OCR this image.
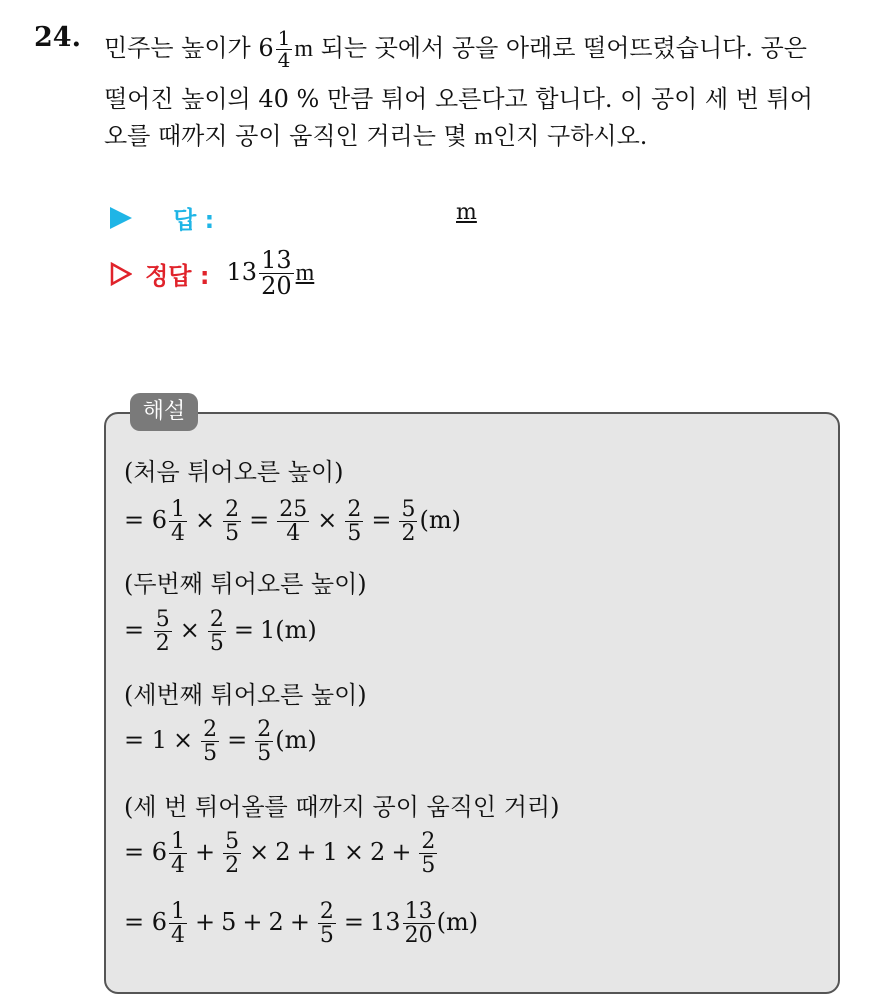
24. 민주는 높이가 $6 \frac{1}{4}$ m 되는 곳에서 공을 아래로 떨어뜨렸습니다. 공은
떨어진 높이의 40 % 만큼 튀어 오른다고 합니다. 이 공이 세 번 튀어
오를 때까지 공이 움직인 거리는 몇 m인지 구하시오.
답 :	m
정답 : $13 \frac{13}{20}$ m
해설
(처음 튀어오른 높이)
= $6 \frac{1}{4} \times \frac{2}{5} = \frac{25}{4} \times \frac{2}{5} = \frac{5}{2} (m)$
(두번째 튀어오른 높이)
= $\frac{5}{2} \times \frac{2}{5} = 1(m)$
(세번째 튀어오른 높이)
= $1 \times \frac{2}{5} = \frac{2}{5} (m)$
(세 번 튀어올를 때까지 공이 움직인 거리)
= $6 \frac{1}{4} + \frac{5}{2} \times 2 + 1 \times 2 + \frac{2}{5}$
= $6 \frac{1}{4} + 5 + 2 + \frac{2}{5} = 13 \frac{13}{20} (m)$
